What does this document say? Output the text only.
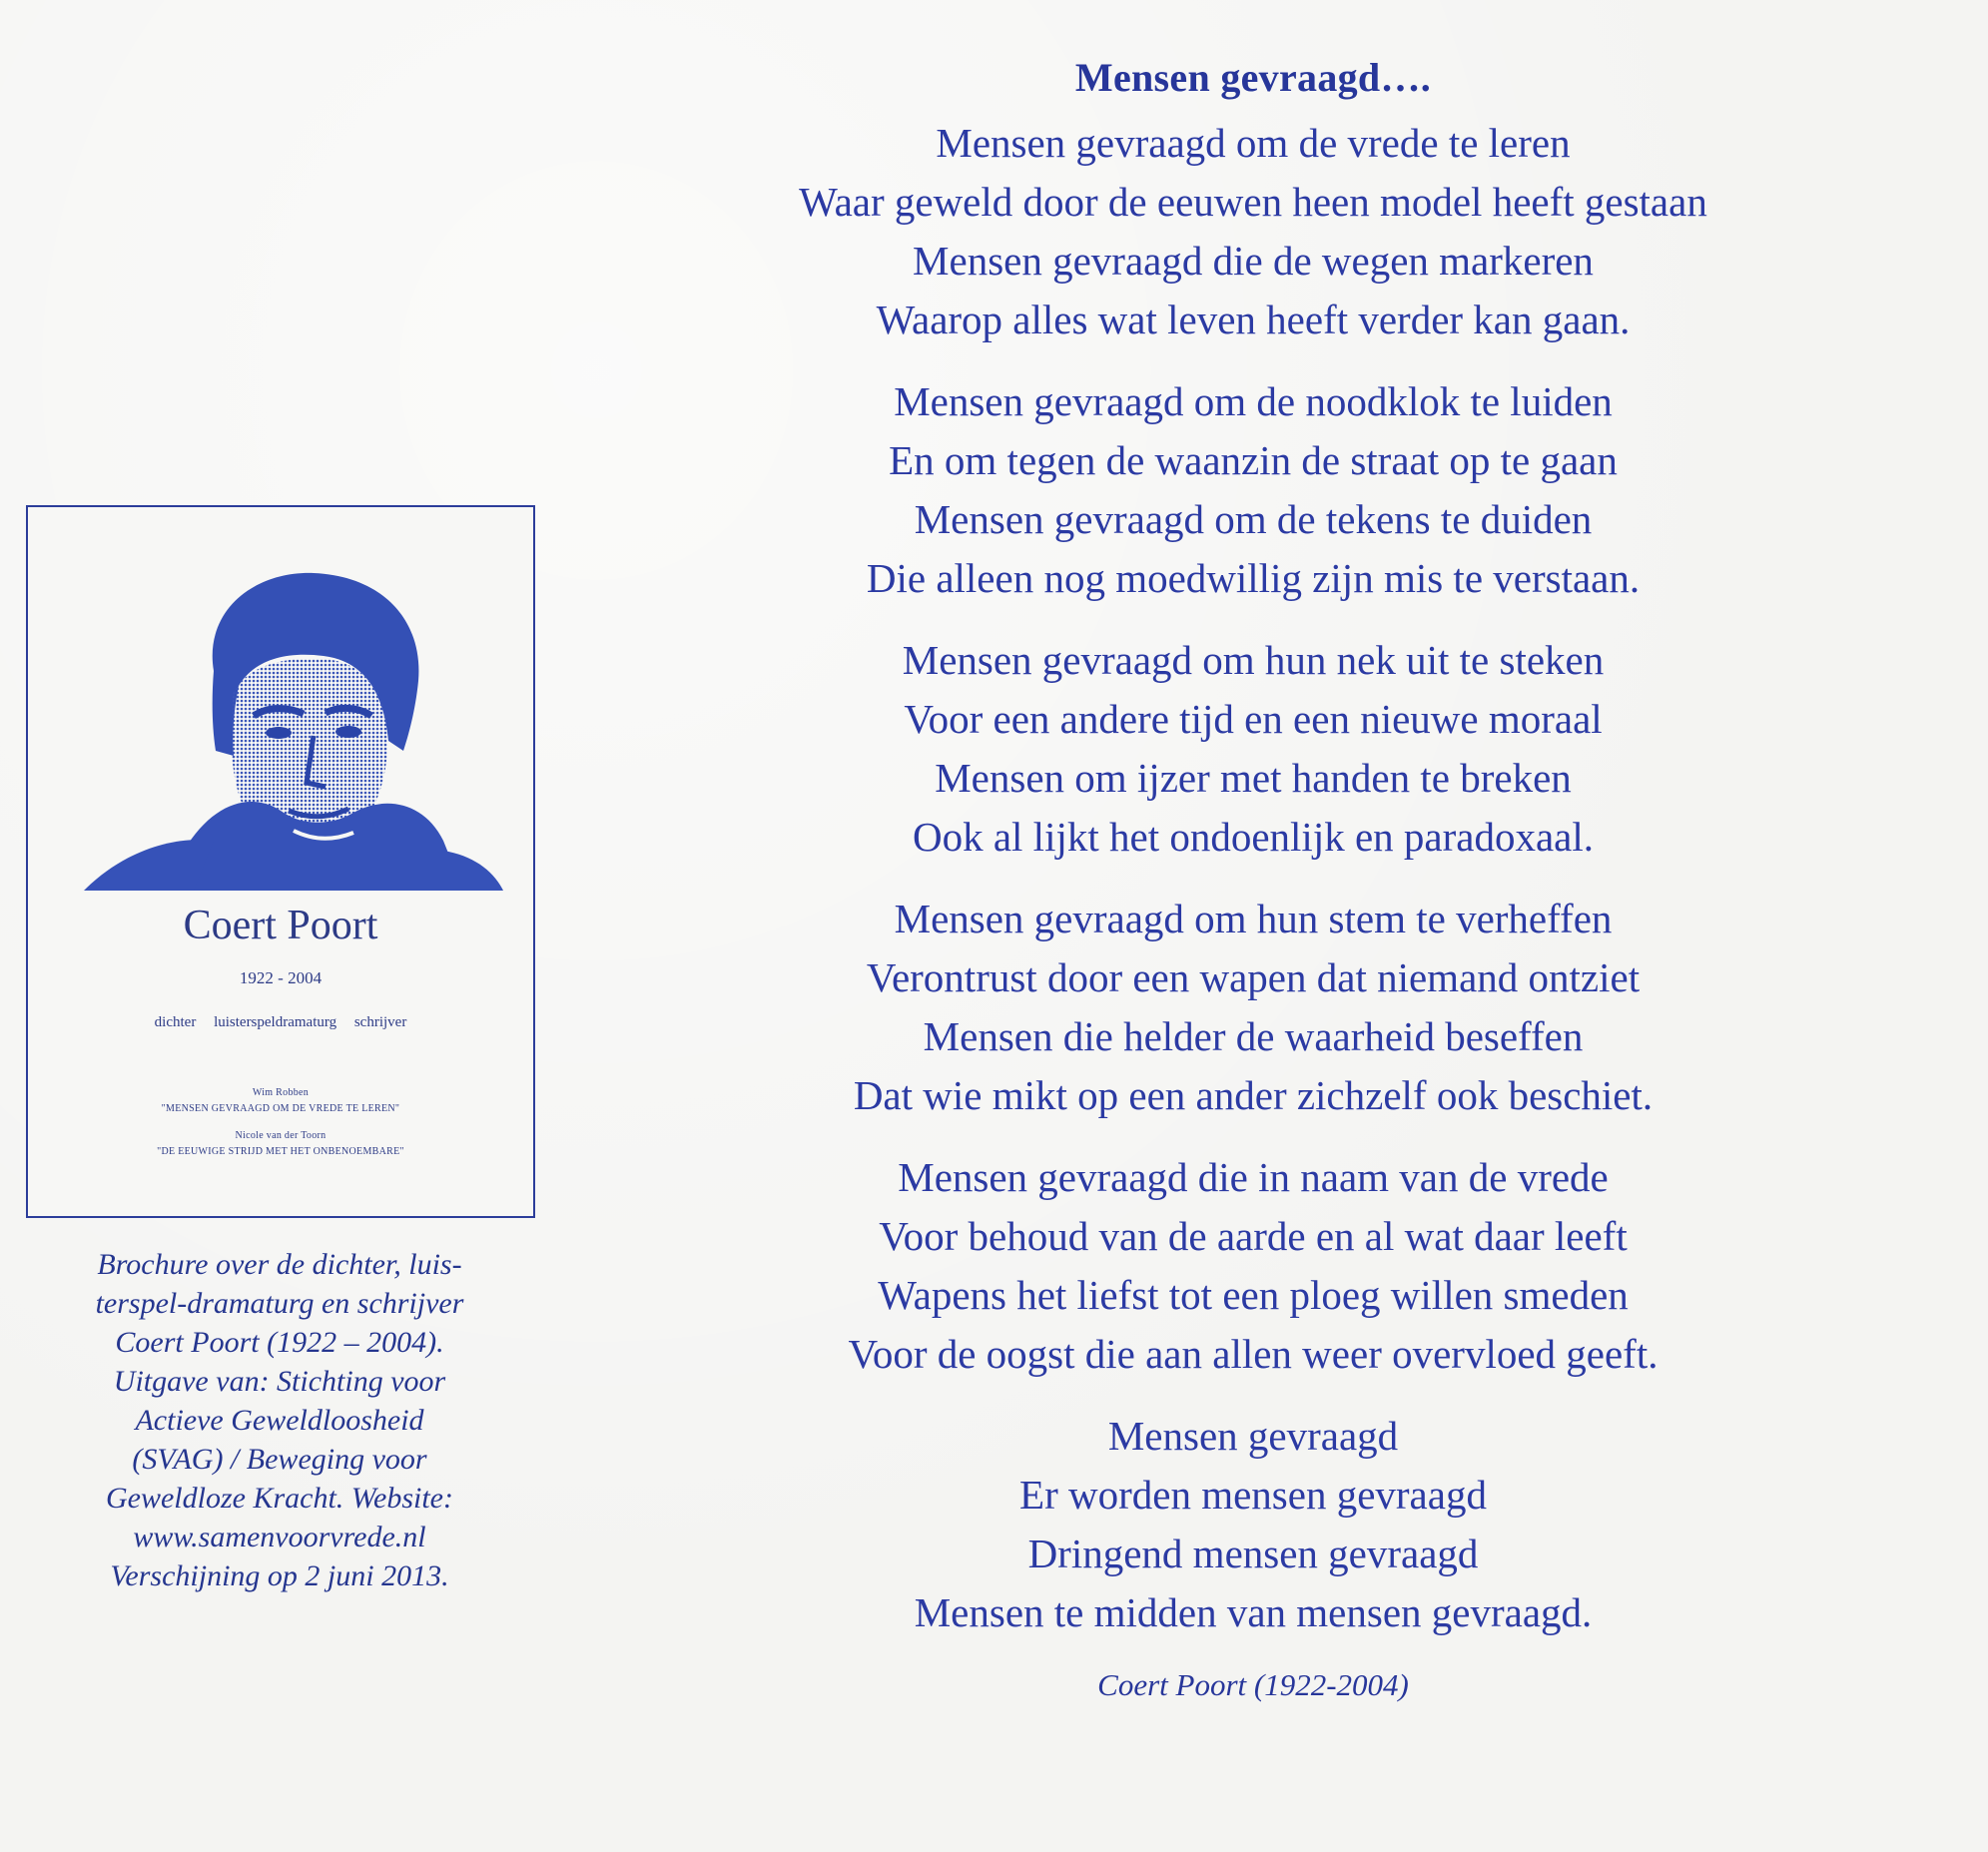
Coert Poort
1922 - 2004
dichter luisterspeldramaturg schrijver
Wim Robben
"MENSEN GEVRAAGD OM DE VREDE TE LEREN"
Nicole van der Toorn
"DE EEUWIGE STRIJD MET HET ONBENOEMBARE"
Brochure over de dichter, luis-
terspel-dramaturg en schrijver
Coert Poort (1922 – 2004).
Uitgave van: Stichting voor
Actieve Geweldloosheid
(SVAG) / Beweging voor
Geweldloze Kracht. Website:
www.samenvoorvrede.nl
Verschijning op 2 juni 2013.
Mensen gevraagd….
Mensen gevraagd om de vrede te leren
Waar geweld door de eeuwen heen model heeft gestaan
Mensen gevraagd die de wegen markeren
Waarop alles wat leven heeft verder kan gaan.
Mensen gevraagd om de noodklok te luiden
En om tegen de waanzin de straat op te gaan
Mensen gevraagd om de tekens te duiden
Die alleen nog moedwillig zijn mis te verstaan.
Mensen gevraagd om hun nek uit te steken
Voor een andere tijd en een nieuwe moraal
Mensen om ijzer met handen te breken
Ook al lijkt het ondoenlijk en paradoxaal.
Mensen gevraagd om hun stem te verheffen
Verontrust door een wapen dat niemand ontziet
Mensen die helder de waarheid beseffen
Dat wie mikt op een ander zichzelf ook beschiet.
Mensen gevraagd die in naam van de vrede
Voor behoud van de aarde en al wat daar leeft
Wapens het liefst tot een ploeg willen smeden
Voor de oogst die aan allen weer overvloed geeft.
Mensen gevraagd
Er worden mensen gevraagd
Dringend mensen gevraagd
Mensen te midden van mensen gevraagd.
Coert Poort (1922-2004)
